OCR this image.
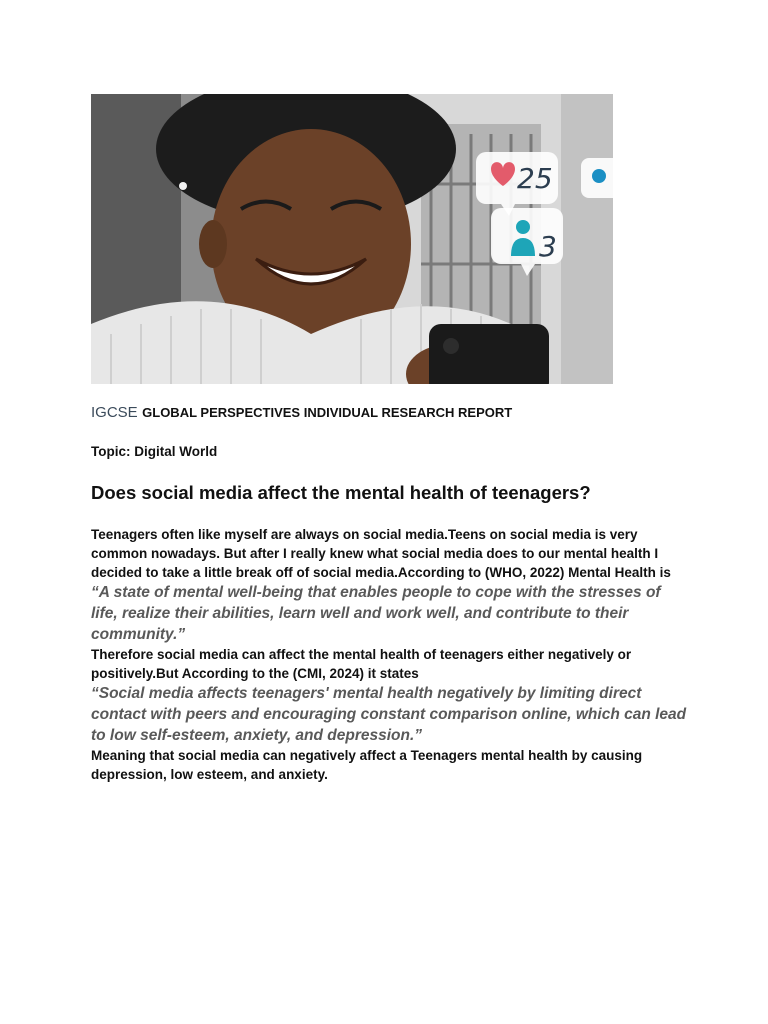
25
3
IGCSE GLOBAL PERSPECTIVES INDIVIDUAL RESEARCH REPORT
Topic: Digital World
Does social media affect the mental health of teenagers?

Teenagers often like myself are always on social media.Teens on social media is very common nowadays. But after I really knew what social media does to our mental health I decided to take a little break off of social media.According to (WHO, 2022) Mental Health is

“A state of mental well-being that enables people to cope with the stresses of life, realize their abilities, learn well and work well, and contribute to their community.”

Therefore social media can affect the mental health of teenagers either negatively or positively.But According to the (CMI, 2024) it states

“Social media affects teenagers' mental health negatively by limiting direct contact with peers and encouraging constant comparison online, which can lead to low self-esteem, anxiety, and depression.”

Meaning that social media can negatively affect a Teenagers mental health by causing depression, low esteem, and anxiety.
